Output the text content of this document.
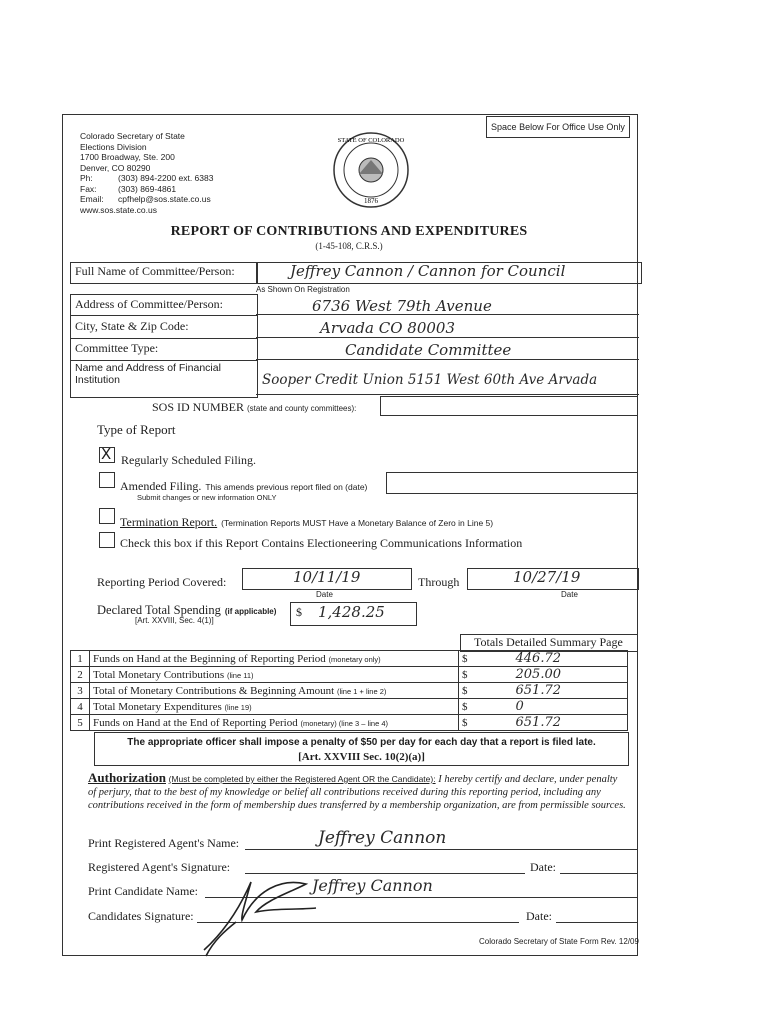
Space Below For Office Use Only
Colorado Secretary of State
Elections Division
1700 Broadway, Ste. 200
Denver, CO 80290
Ph:	(303) 894-2200 ext. 6383
Fax:	(303) 869-4861
Email: cpfhelp@sos.state.co.us
www.sos.state.co.us
STATE OF COLORADO
1876
REPORT OF CONTRIBUTIONS AND EXPENDITURES
(1-45-108, C.R.S.)
Full Name of Committee/Person:	Jeffrey Cannon / Cannon for Council
As Shown On Registration
Address of Committee/Person:	6736 West 79th Avenue
City, State & Zip Code:	Arvada CO 80003
Committee Type:	Candidate Committee
Name and Address of Financial Institution	Sooper Credit Union 5151 West 60th Ave Arvada
SOS ID NUMBER (state and county committees):
Type of Report
X Regularly Scheduled Filing.
Amended Filing. This amends previous report filed on (date)
Submit changes or new information ONLY
Termination Report. (Termination Reports MUST Have a Monetary Balance of Zero in Line 5)
Check this box if this Report Contains Electioneering Communications Information
Reporting Period Covered:	10/11/19
Date
Through	10/27/19
Date
Declared Total Spending (if applicable)
[Art. XXVIII, Sec. 4(1)]
$ 1,428.25
Totals Detailed Summary Page
1	Funds on Hand at the Beginning of Reporting Period (monetary only)	$ 446.72
2	Total Monetary Contributions (line 11)	$ 205.00
3	Total of Monetary Contributions & Beginning Amount (line 1 + line 2)	$ 651.72
4	Total Monetary Expenditures (line 19)	$ 0
5	Funds on Hand at the End of Reporting Period (monetary) (line 3 – line 4)	$ 651.72
The appropriate officer shall impose a penalty of $50 per day for each day that a report is filed late.
[Art. XXVIII Sec. 10(2)(a)]
Authorization (Must be completed by either the Registered Agent OR the Candidate): I hereby certify and declare, under penalty of perjury, that to the best of my knowledge or belief all contributions received during this reporting period, including any contributions received in the form of membership dues transferred by a membership organization, are from permissible sources.
Print Registered Agent's Name:	Jeffrey Cannon
Registered Agent's Signature:	Date:
Print Candidate Name:	Jeffrey Cannon
Candidates Signature:	Date:
Colorado Secretary of State Form Rev. 12/09
